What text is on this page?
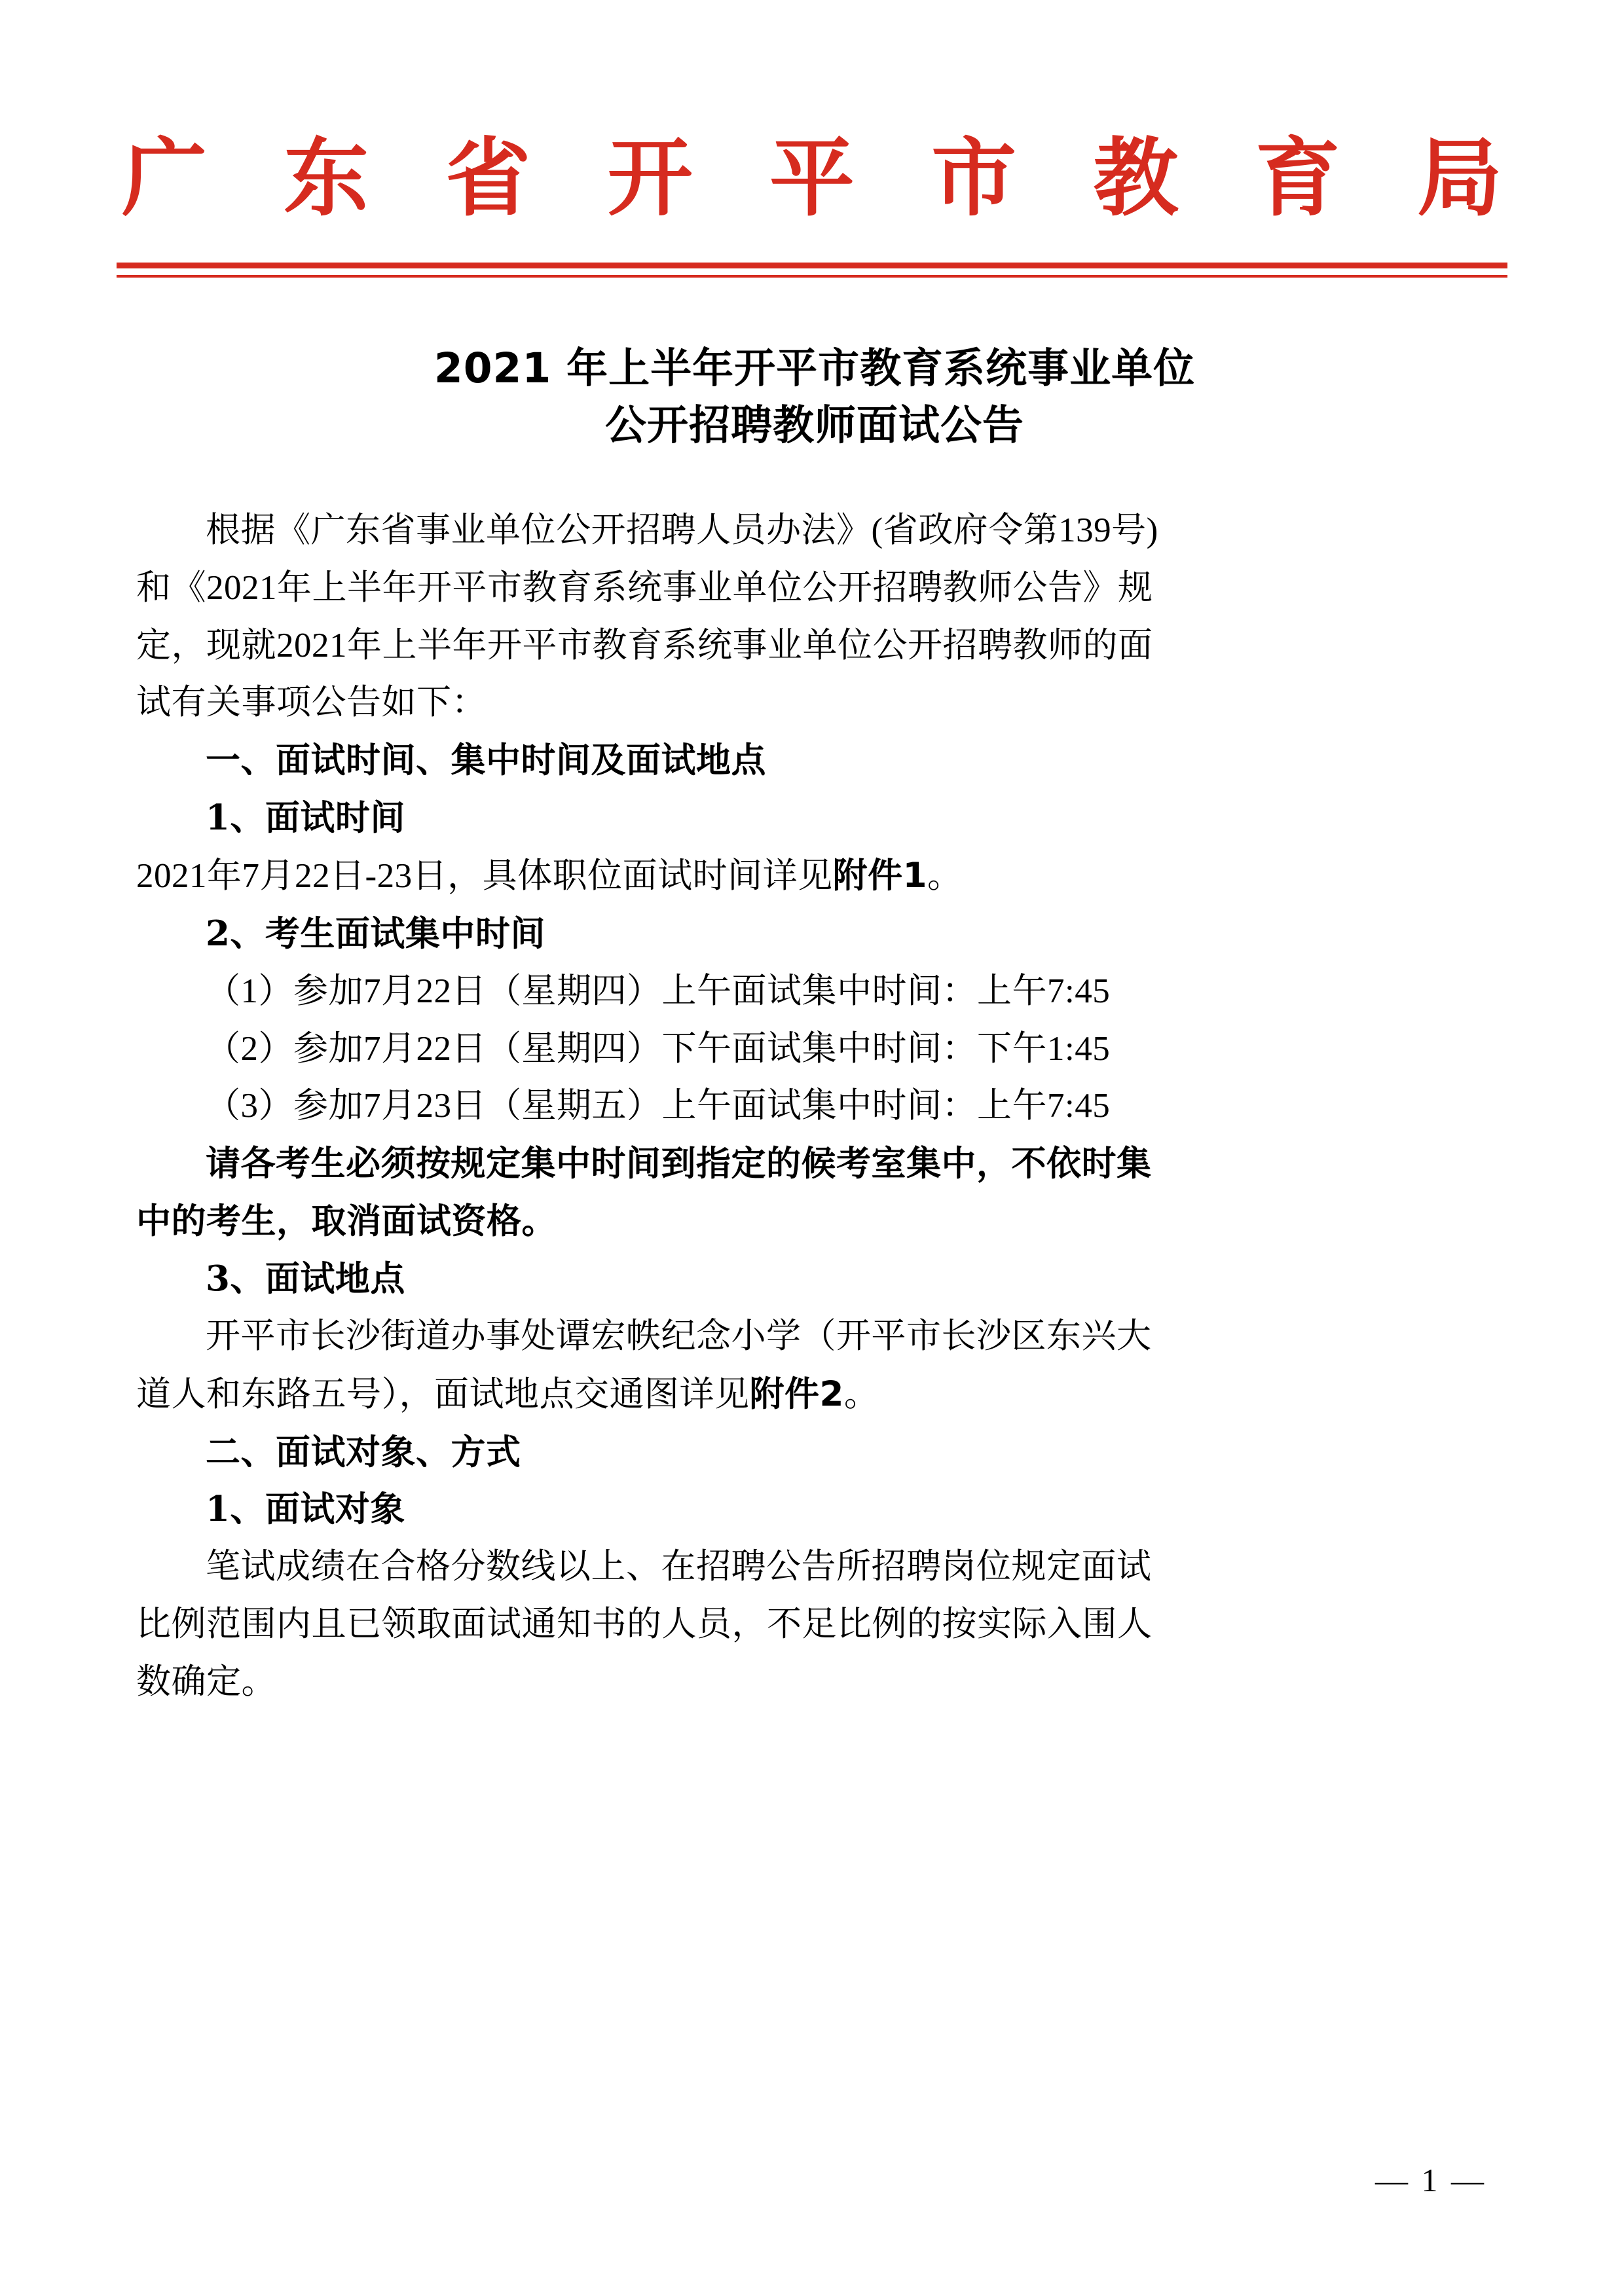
广 东 省 开 平 市 教 育 局
2021 年上半年开平市教育系统事业单位
公开招聘教师面试公告

根据《广东省事业单位公开招聘人员办法》(省政府令第139号)

和《2021年上半年开平市教育系统事业单位公开招聘教师公告》规

定，现就2021年上半年开平市教育系统事业单位公开招聘教师的面

试有关事项公告如下：

一、面试时间、集中时间及面试地点

1、面试时间

2021年7月22日-23日，具体职位面试时间详见附件1。

2、考生面试集中时间

（1）参加7月22日（星期四）上午面试集中时间：上午7:45

（2）参加7月22日（星期四）下午面试集中时间：下午1:45

（3）参加7月23日（星期五）上午面试集中时间：上午7:45

请各考生必须按规定集中时间到指定的候考室集中，不依时集

中的考生，取消面试资格。

3、面试地点

开平市长沙街道办事处谭宏帙纪念小学（开平市长沙区东兴大

道人和东路五号），面试地点交通图详见附件2。

二、面试对象、方式

1、面试对象

笔试成绩在合格分数线以上、在招聘公告所招聘岗位规定面试

比例范围内且已领取面试通知书的人员，不足比例的按实际入围人

数确定。

— 1 —
